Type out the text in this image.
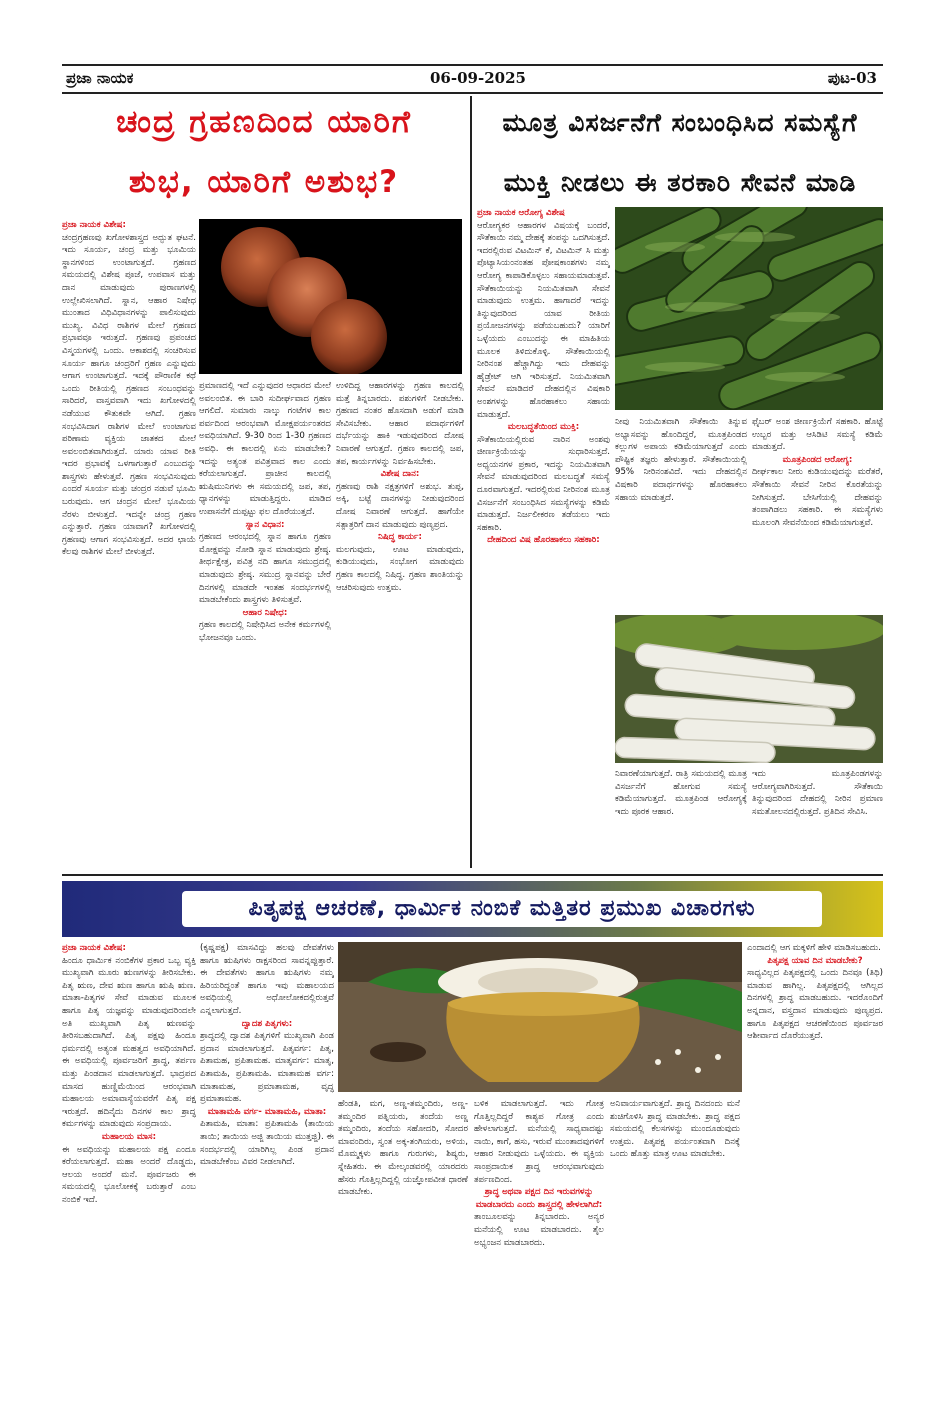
ಪ್ರಜಾ ನಾಯಕ	06-09-2025	ಪುಟ-03
ಚಂದ್ರ ಗ್ರಹಣದಿಂದ ಯಾರಿಗೆ
ಶುಭ, ಯಾರಿಗೆ ಅಶುಭ?
ಪ್ರಜಾ ನಾಯಕ ವಿಶೇಷ:

ಚಂದ್ರಗ್ರಹಣವು ಖಗೋಳಶಾಸ್ತ್ರದ ಅದ್ಭುತ ಘಟನೆ. ಇದು ಸೂರ್ಯ, ಚಂದ್ರ ಮತ್ತು ಭೂಮಿಯ ಸ್ಥಾನಗಳಿಂದ ಉಂಟಾಗುತ್ತದೆ. ಗ್ರಹಣದ ಸಮಯದಲ್ಲಿ ವಿಶೇಷ ಪೂಜೆ, ಉಪವಾಸ ಮತ್ತು ದಾನ ಮಾಡುವುದು ಪುರಾಣಗಳಲ್ಲಿ ಉಲ್ಲೇಖಿಸಲಾಗಿದೆ. ಸ್ನಾನ, ಆಹಾರ ನಿಷೇಧ ಮುಂತಾದ ವಿಧಿವಿಧಾನಗಳನ್ನು ಪಾಲಿಸುವುದು ಮುಖ್ಯ. ವಿವಿಧ ರಾಶಿಗಳ ಮೇಲೆ ಗ್ರಹಣದ ಪ್ರಭಾವವೂ ಇರುತ್ತದೆ. ಗ್ರಹಣವು ಪ್ರಪಂಚದ ವಿಸ್ಮಯಗಳಲ್ಲಿ ಒಂದು. ಆಕಾಶದಲ್ಲಿ ಸಂಚರಿಸುವ ಸೂರ್ಯ ಹಾಗೂ ಚಂದ್ರರಿಗೆ ಗ್ರಹಣ ಎನ್ನುವುದು ಆಗಾಗ ಉಂಟಾಗುತ್ತದೆ. ಇದಕ್ಕೆ ಪೌರಾಣಿಕ ಕಥೆ ಒಂದು ರೀತಿಯಲ್ಲಿ ಗ್ರಹಣದ ಸಂಬಂಧವನ್ನು ಸಾರಿದರೆ, ವಾಸ್ತವವಾಗಿ ಇದು ಖಗೋಳದಲ್ಲಿ ನಡೆಯುವ ಕೌತುಕವೇ ಆಗಿದೆ. ಗ್ರಹಣ ಸಂಭವಿಸಿದಾಗ ರಾಶಿಗಳ ಮೇಲೆ ಉಂಟಾಗುವ ಪರಿಣಾಮ ವ್ಯಕ್ತಿಯ ಜಾತಕದ ಮೇಲೆ ಅವಲಂಬಿತವಾಗಿರುತ್ತದೆ. ಯಾರು ಯಾವ ರೀತಿ ಇದರ ಪ್ರಭಾವಕ್ಕೆ ಒಳಗಾಗುತ್ತಾರೆ ಎಂಬುದನ್ನು ಶಾಸ್ತ್ರಗಳು ಹೇಳುತ್ತವೆ. ಗ್ರಹಣ ಸಂಭವಿಸುವುದು ಎಂದರೆ ಸೂರ್ಯ ಮತ್ತು ಚಂದ್ರರ ನಡುವೆ ಭೂಮಿ ಬರುವುದು. ಆಗ ಚಂದ್ರನ ಮೇಲೆ ಭೂಮಿಯ ನೆರಳು ಬೀಳುತ್ತದೆ. ಇದನ್ನೇ ಚಂದ್ರ ಗ್ರಹಣ ಎನ್ನುತ್ತಾರೆ. ಗ್ರಹಣ ಯಾವಾಗ? ಖಗೋಳದಲ್ಲಿ ಗ್ರಹಣವು ಆಗಾಗ ಸಂಭವಿಸುತ್ತದೆ. ಅದರ ಛಾಯೆ ಕೆಲವು ರಾಶಿಗಳ ಮೇಲೆ ಬೀಳುತ್ತದೆ.

ಪ್ರಮಾಣದಲ್ಲಿ ಇದೆ ಎನ್ನುವುದರ ಆಧಾರದ ಮೇಲೆ ಅವಲಂಬಿತ. ಈ ಬಾರಿ ಸುದೀರ್ಘವಾದ ಗ್ರಹಣ ಆಗಲಿದೆ. ಸುಮಾರು ನಾಲ್ಕು ಗಂಟೆಗಳ ಕಾಲ ಪರ್ವದಿಂದ ಆರಂಭವಾಗಿ ಮೋಕ್ಷಪರ್ಯಂತರದ ಅವಧಿಯಾಗಿದೆ. 9-30 ರಿಂದ 1-30 ಗ್ರಹಣದ ಅವಧಿ. ಈ ಕಾಲದಲ್ಲಿ ಏನು ಮಾಡಬೇಕು? ಇದನ್ನು ಅತ್ಯಂತ ಪವಿತ್ರವಾದ ಕಾಲ ಎಂದು ಕರೆಯಲಾಗುತ್ತದೆ. ಪ್ರಾಚೀನ ಕಾಲದಲ್ಲಿ ಋಷಿಮುನಿಗಳು ಈ ಸಮಯದಲ್ಲಿ ಜಪ, ತಪ, ಧ್ಯಾನಗಳನ್ನು ಮಾಡುತ್ತಿದ್ದರು. ಮಾಡಿದ ಉಪಾಸನೆಗೆ ದುಪ್ಪಟ್ಟು ಫಲ ದೊರೆಯುತ್ತದೆ.

ಸ್ನಾನ ವಿಧಾನ:

ಗ್ರಹಣದ ಆರಂಭದಲ್ಲಿ ಸ್ನಾನ ಹಾಗೂ ಗ್ರಹಣ ಮೋಕ್ಷವನ್ನು ನೋಡಿ ಸ್ನಾನ ಮಾಡುವುದು ಶ್ರೇಷ್ಠ. ತೀರ್ಥಕ್ಷೇತ್ರ, ಪವಿತ್ರ ನದಿ ಹಾಗೂ ಸಮುದ್ರದಲ್ಲಿ ಮಾಡುವುದು ಶ್ರೇಷ್ಠ. ಸಮುದ್ರ ಸ್ನಾನವನ್ನು ಬೇರೆ ದಿನಗಳಲ್ಲಿ ಮಾಡದೇ ಇಂತಹ ಸಂದರ್ಭಗಳಲ್ಲಿ ಮಾಡಬೇಕೆಂದು ಶಾಸ್ತ್ರಗಳು ತಿಳಿಸುತ್ತವೆ.

ಆಹಾರ ನಿಷೇಧ:

ಗ್ರಹಣ ಕಾಲದಲ್ಲಿ ನಿಷೇಧಿಸಿದ ಅನೇಕ ಕರ್ಮಗಳಲ್ಲಿ ಭೋಜನವೂ ಒಂದು.

ಉಳಿದಿದ್ದ ಆಹಾರಗಳನ್ನು ಗ್ರಹಣ ಕಾಲದಲ್ಲಿ ಮತ್ತೆ ತಿನ್ನಬಾರದು. ಪಶುಗಳಿಗೆ ನೀಡಬೇಕು. ಗ್ರಹಣದ ನಂತರ ಹೊಸದಾಗಿ ಅಡುಗೆ ಮಾಡಿ ಸೇವಿಸಬೇಕು. ಆಹಾರ ಪದಾರ್ಥಗಳಿಗೆ ದರ್ಭೆಯನ್ನು ಹಾಕಿ ಇಡುವುದರಿಂದ ದೋಷ ನಿವಾರಣೆ ಆಗುತ್ತದೆ. ಗ್ರಹಣ ಕಾಲದಲ್ಲಿ ಜಪ, ತಪ, ಕಾರ್ಯಗಳನ್ನು ನಿರ್ವಹಿಸಬೇಕು.

ವಿಶೇಷ ದಾನ:

ಗ್ರಹಣವು ರಾಶಿ ನಕ್ಷತ್ರಗಳಿಗೆ ಅಶುಭ. ತುಪ್ಪ, ಅಕ್ಕಿ, ಬಟ್ಟೆ ದಾನಗಳನ್ನು ನೀಡುವುದರಿಂದ ದೋಷ ನಿವಾರಣೆ ಆಗುತ್ತದೆ. ಹಾಗೆಯೇ ಸತ್ಪಾತ್ರರಿಗೆ ದಾನ ಮಾಡುವುದು ಪುಣ್ಯಪ್ರದ.

ನಿಷಿದ್ಧ ಕಾರ್ಯ:

ಮಲಗುವುದು, ಊಟ ಮಾಡುವುದು, ಕುಡಿಯುವುದು, ಸಂಭೋಗ ಮಾಡುವುದು ಗ್ರಹಣ ಕಾಲದಲ್ಲಿ ನಿಷಿದ್ಧ. ಗ್ರಹಣ ಶಾಂತಿಯನ್ನು ಆಚರಿಸುವುದು ಉತ್ತಮ.

ಮೂತ್ರ ವಿಸರ್ಜನೆಗೆ ಸಂಬಂಧಿಸಿದ ಸಮಸ್ಯೆಗೆ
ಮುಕ್ತಿ ನೀಡಲು ಈ ತರಕಾರಿ ಸೇವನೆ ಮಾಡಿ
ಪ್ರಜಾ ನಾಯಕ ಆರೋಗ್ಯ ವಿಶೇಷ

ಆರೋಗ್ಯಕರ ಆಹಾರಗಳ ವಿಷಯಕ್ಕೆ ಬಂದರೆ, ಸೌತೆಕಾಯಿ ನಮ್ಮ ದೇಹಕ್ಕೆ ತಂಪನ್ನು ಒದಗಿಸುತ್ತದೆ. ಇದರಲ್ಲಿರುವ ವಿಟಮಿನ್ ಕೆ, ವಿಟಮಿನ್ ಸಿ ಮತ್ತು ಪೊಟ್ಯಾಸಿಯಂನಂತಹ ಪೋಷಕಾಂಶಗಳು ನಮ್ಮ ಆರೋಗ್ಯ ಕಾಪಾಡಿಕೊಳ್ಳಲು ಸಹಾಯಮಾಡುತ್ತವೆ. ಸೌತೆಕಾಯಿಯನ್ನು ನಿಯಮಿತವಾಗಿ ಸೇವನೆ ಮಾಡುವುದು ಉತ್ತಮ. ಹಾಗಾದರೆ ಇದನ್ನು ತಿನ್ನುವುದರಿಂದ ಯಾವ ರೀತಿಯ ಪ್ರಯೋಜನಗಳನ್ನು ಪಡೆಯಬಹುದು? ಯಾರಿಗೆ ಒಳ್ಳೆಯದು ಎಂಬುದನ್ನು ಈ ಮಾಹಿತಿಯ ಮೂಲಕ ತಿಳಿದುಕೊಳ್ಳಿ. ಸೌತೆಕಾಯಿಯಲ್ಲಿ ನೀರಿನಂಶ ಹೆಚ್ಚಾಗಿದ್ದು ಇದು ದೇಹವನ್ನು ಹೈಡ್ರೇಟ್ ಆಗಿ ಇರಿಸುತ್ತದೆ. ನಿಯಮಿತವಾಗಿ ಸೇವನೆ ಮಾಡಿದರೆ ದೇಹದಲ್ಲಿನ ವಿಷಕಾರಿ ಅಂಶಗಳನ್ನು ಹೊರಹಾಕಲು ಸಹಾಯ ಮಾಡುತ್ತದೆ.

ಮಲಬದ್ಧತೆಯಿಂದ ಮುಕ್ತಿ:

ಸೌತೆಕಾಯಿಯಲ್ಲಿರುವ ನಾರಿನ ಅಂಶವು ಜೀರ್ಣಕ್ರಿಯೆಯನ್ನು ಸುಧಾರಿಸುತ್ತದೆ. ಅಧ್ಯಯನಗಳ ಪ್ರಕಾರ, ಇದನ್ನು ನಿಯಮಿತವಾಗಿ ಸೇವನೆ ಮಾಡುವುದರಿಂದ ಮಲಬದ್ಧತೆ ಸಮಸ್ಯೆ ದೂರವಾಗುತ್ತದೆ. ಇದರಲ್ಲಿರುವ ನೀರಿನಂಶ ಮೂತ್ರ ವಿಸರ್ಜನೆಗೆ ಸಂಬಂಧಿಸಿದ ಸಮಸ್ಯೆಗಳನ್ನು ಕಡಿಮೆ ಮಾಡುತ್ತದೆ. ನಿರ್ಜಲೀಕರಣ ತಡೆಯಲು ಇದು ಸಹಕಾರಿ.

ದೇಹದಿಂದ ವಿಷ ಹೊರಹಾಕಲು ಸಹಕಾರಿ:

ನೀವು ನಿಯಮಿತವಾಗಿ ಸೌತೆಕಾಯಿ ತಿನ್ನುವ ಅಭ್ಯಾಸವನ್ನು ಹೊಂದಿದ್ದರೆ, ಮೂತ್ರಪಿಂಡದ ಕಲ್ಲುಗಳ ಅಪಾಯ ಕಡಿಮೆಯಾಗುತ್ತದೆ ಎಂದು ಪೌಷ್ಟಿಕ ತಜ್ಞರು ಹೇಳುತ್ತಾರೆ. ಸೌತೆಕಾಯಿಯಲ್ಲಿ 95% ನೀರಿನಂಶವಿದೆ. ಇದು ದೇಹದಲ್ಲಿನ ವಿಷಕಾರಿ ಪದಾರ್ಥಗಳನ್ನು ಹೊರಹಾಕಲು ಸಹಾಯ ಮಾಡುತ್ತದೆ.

ಫೈಬರ್ ಅಂಶ ಜೀರ್ಣಕ್ರಿಯೆಗೆ ಸಹಕಾರಿ. ಹೊಟ್ಟೆ ಉಬ್ಬರ ಮತ್ತು ಆಸಿಡಿಟಿ ಸಮಸ್ಯೆ ಕಡಿಮೆ ಮಾಡುತ್ತದೆ.

ಮೂತ್ರಪಿಂಡದ ಆರೋಗ್ಯ:

ದೀರ್ಘಕಾಲ ನೀರು ಕುಡಿಯುವುದನ್ನು ಮರೆತರೆ, ಸೌತೆಕಾಯಿ ಸೇವನೆ ನೀರಿನ ಕೊರತೆಯನ್ನು ನೀಗಿಸುತ್ತದೆ. ಬೇಸಿಗೆಯಲ್ಲಿ ದೇಹವನ್ನು ತಂಪಾಗಿಡಲು ಸಹಕಾರಿ. ಈ ಸಮಸ್ಯೆಗಳು ಮೂಲಂಗಿ ಸೇವನೆಯಿಂದ ಕಡಿಮೆಯಾಗುತ್ತವೆ.

ನಿವಾರಣೆಯಾಗುತ್ತದೆ. ರಾತ್ರಿ ಸಮಯದಲ್ಲಿ ಮೂತ್ರ ವಿಸರ್ಜನೆಗೆ ಹೋಗುವ ಸಮಸ್ಯೆ ಕಡಿಮೆಯಾಗುತ್ತದೆ. ಮೂತ್ರಪಿಂಡ ಆರೋಗ್ಯಕ್ಕೆ ಇದು ಪೂರಕ ಆಹಾರ.

ಇದು ಮೂತ್ರಪಿಂಡಗಳನ್ನು ಆರೋಗ್ಯವಾಗಿರಿಸುತ್ತದೆ. ಸೌತೆಕಾಯಿ ತಿನ್ನುವುದರಿಂದ ದೇಹದಲ್ಲಿ ನೀರಿನ ಪ್ರಮಾಣ ಸಮತೋಲನದಲ್ಲಿರುತ್ತದೆ. ಪ್ರತಿದಿನ ಸೇವಿಸಿ.

ಪಿತೃಪಕ್ಷ ಆಚರಣೆ, ಧಾರ್ಮಿಕ ನಂಬಿಕೆ ಮತ್ತಿತರ ಪ್ರಮುಖ ವಿಚಾರಗಳು
ಪ್ರಜಾ ನಾಯಕ ವಿಶೇಷ:

ಹಿಂದೂ ಧಾರ್ಮಿಕ ನಂಬಿಕೆಗಳ ಪ್ರಕಾರ ಒಬ್ಬ ವ್ಯಕ್ತಿ ಮುಖ್ಯವಾಗಿ ಮೂರು ಋಣಗಳನ್ನು ತೀರಿಸಬೇಕು. ಪಿತೃ ಋಣ, ದೇವ ಋಣ ಹಾಗೂ ಋಷಿ ಋಣ. ಮಾತಾ-ಪಿತೃಗಳ ಸೇವೆ ಮಾಡುವ ಮೂಲಕ ಹಾಗೂ ಪಿತೃ ಯಜ್ಞವನ್ನು ಮಾಡುವುದರಿಂದಲೇ ಅತಿ ಮುಖ್ಯವಾಗಿ ಪಿತೃ ಋಣವನ್ನು ತೀರಿಸಬಹುದಾಗಿದೆ. ಪಿತೃ ಪಕ್ಷವು ಹಿಂದೂ ಧರ್ಮದಲ್ಲಿ ಅತ್ಯಂತ ಮಹತ್ವದ ಅವಧಿಯಾಗಿದೆ. ಈ ಅವಧಿಯಲ್ಲಿ ಪೂರ್ವಜರಿಗೆ ಶ್ರಾದ್ಧ, ತರ್ಪಣ ಮತ್ತು ಪಿಂಡದಾನ ಮಾಡಲಾಗುತ್ತದೆ. ಭಾದ್ರಪದ ಮಾಸದ ಹುಣ್ಣಿಮೆಯಿಂದ ಆರಂಭವಾಗಿ ಮಹಾಲಯ ಅಮಾವಾಸ್ಯೆಯವರೆಗೆ ಪಿತೃ ಪಕ್ಷ ಇರುತ್ತದೆ. ಹದಿನೈದು ದಿನಗಳ ಕಾಲ ಶ್ರಾದ್ಧ ಕರ್ಮಗಳನ್ನು ಮಾಡುವುದು ಸಂಪ್ರದಾಯ.

ಮಹಾಲಯ ಮಾಸ:

ಈ ಅವಧಿಯನ್ನು ಮಹಾಲಯ ಪಕ್ಷ ಎಂದೂ ಕರೆಯಲಾಗುತ್ತದೆ. ಮಹಾ ಅಂದರೆ ದೊಡ್ಡದು, ಆಲಯ ಅಂದರೆ ಮನೆ. ಪೂರ್ವಜರು ಈ ಸಮಯದಲ್ಲಿ ಭೂಲೋಕಕ್ಕೆ ಬರುತ್ತಾರೆ ಎಂಬ ನಂಬಿಕೆ ಇದೆ.

(ಕೃಷ್ಣಪಕ್ಷ) ಮಾಸವಿದ್ದು ಹಲವು ದೇವತೆಗಳು ಹಾಗೂ ಋಷಿಗಳು ರಾಕ್ಷಸರಿಂದ ಸಾವನ್ನಪ್ಪುತ್ತಾರೆ. ಈ ದೇವತೆಗಳು ಹಾಗೂ ಋಷಿಗಳು ನಮ್ಮ ಹಿರಿಯರಿದ್ದಂತೆ ಹಾಗೂ ಇವು ಮಹಾಲಯದ ಅವಧಿಯಲ್ಲಿ ಅಧೋಲೋಕದಲ್ಲಿರುತ್ತವೆ ಎನ್ನಲಾಗುತ್ತದೆ.

ದ್ವಾದಶ ಪಿತೃಗಳು:

ಶ್ರಾದ್ಧದಲ್ಲಿ ದ್ವಾದಶ ಪಿತೃಗಳಿಗೆ ಮುಖ್ಯವಾಗಿ ಪಿಂಡ ಪ್ರದಾನ ಮಾಡಲಾಗುತ್ತದೆ. ಪಿತೃವರ್ಗ: ಪಿತೃ, ಪಿತಾಮಹ, ಪ್ರಪಿತಾಮಹ. ಮಾತೃವರ್ಗ: ಮಾತೃ, ಪಿತಾಮಹಿ, ಪ್ರಪಿತಾಮಹಿ. ಮಾತಾಮಹ ವರ್ಗ: ಮಾತಾಮಹ, ಪ್ರಮಾತಾಮಹ, ವೃದ್ಧ ಪ್ರಮಾತಾಮಹ.

ಮಾತಾಮಹಿ ವರ್ಗ- ಮಾತಾಮಹಿ, ಮಾತಾ:

ಪಿತಾಮಹಿ, ಮಾತಾ: ಪ್ರಪಿತಾಮಹಿ (ತಾಯಿಯ ತಾಯಿ; ತಾಯಿಯ ಅಜ್ಜಿ ತಾಯಿಯ ಮುತ್ತಜ್ಜಿ). ಈ ಸಂದರ್ಭದಲ್ಲಿ ಯಾರಿಗಿಲ್ಲ ಪಿಂಡ ಪ್ರದಾನ ಮಾಡಬೇಕೆಂಬ ವಿವರ ನೀಡಲಾಗಿದೆ.

ಹೆಂಡತಿ, ಮಗ, ಅಣ್ಣ-ತಮ್ಮಂದಿರು, ಅಣ್ಣ-ತಮ್ಮಂದಿರ ಪತ್ನಿಯರು, ತಂದೆಯ ಅಣ್ಣ ತಮ್ಮಂದಿರು, ತಂದೆಯ ಸಹೋದರಿ, ಸೋದರ ಮಾವಂದಿರು, ಸ್ವಂತ ಅಕ್ಕ-ತಂಗಿಯರು, ಅಳಿಯ, ಮೊಮ್ಮಕ್ಕಳು ಹಾಗೂ ಗುರುಗಳು, ಶಿಷ್ಯರು, ಸ್ನೇಹಿತರು. ಈ ಮೇಲ್ಕಂಡವರಲ್ಲಿ ಯಾರದರು ಹೆಸರು ಗೊತ್ತಿಲ್ಲದಿದ್ದಲ್ಲಿ ಯಜ್ಞೋಪವೀತ ಧಾರಣೆ ಮಾಡಬೇಕು.

ಬಳಿಕ ಮಾಡಲಾಗುತ್ತದೆ. ಇದು ಗೋತ್ರ ಗೊತ್ತಿಲ್ಲದಿದ್ದರೆ ಕಾಶ್ಯಪ ಗೋತ್ರ ಎಂದು ಹೇಳಲಾಗುತ್ತದೆ. ಮನೆಯಲ್ಲಿ ಸಾಧ್ಯವಾದಷ್ಟು ನಾಯಿ, ಕಾಗೆ, ಹಸು, ಇರುವೆ ಮುಂತಾದವುಗಳಿಗೆ ಆಹಾರ ನೀಡುವುದು ಒಳ್ಳೆಯದು. ಈ ವ್ಯಕ್ತಿಯ ಸಾಂಪ್ರದಾಯಿಕ ಶ್ರಾದ್ಧ ಆರಂಭವಾಗುವುದು ತರ್ಪಣದಿಂದ.

ಶ್ರಾದ್ಧ ಅಥವಾ ಪಕ್ಷದ ದಿನ ಇರುವಗಳನ್ನು ಮಾಡಬಾರದು ಎಂದು ಶಾಸ್ತ್ರದಲ್ಲಿ ಹೇಳಲಾಗಿದೆ:

ತಾಂಬೂಲವನ್ನು ತಿನ್ನಬಾರದು. ಅನ್ಯರ ಮನೆಯಲ್ಲಿ ಊಟ ಮಾಡಬಾರದು. ತೈಲ ಅಭ್ಯಂಜನ ಮಾಡಬಾರದು.

ಅನಿವಾರ್ಯವಾಗುತ್ತದೆ. ಶ್ರಾದ್ಧ ದಿನದಂದು ಮನೆ ಶುಚಿಗೊಳಿಸಿ ಶ್ರಾದ್ಧ ಮಾಡಬೇಕು. ಶ್ರಾದ್ಧ ಪಕ್ಷದ ಸಮಯದಲ್ಲಿ ಕೆಲಸಗಳನ್ನು ಮುಂದೂಡುವುದು ಉತ್ತಮ. ಪಿತೃಪಕ್ಷ ಪರ್ಯಂತವಾಗಿ ದಿನಕ್ಕೆ ಒಂದು ಹೊತ್ತು ಮಾತ್ರ ಊಟ ಮಾಡಬೇಕು.

ಎಂದಾದಲ್ಲಿ ಆಗ ಮಕ್ಕಳಿಗೆ ಹೇಳಿ ಮಾಡಿಸಬಹುದು.

ಪಿತೃಪಕ್ಷ ಯಾವ ದಿನ ಮಾಡಬೇಕು?

ಸಾಧ್ಯವಿಲ್ಲದ ಪಿತೃಪಕ್ಷದಲ್ಲಿ ಒಂದು ದಿನವೂ (ತಿಥಿ) ಮಾಡುವ ಹಾಗಿಲ್ಲ. ಪಿತೃಪಕ್ಷದಲ್ಲಿ ಆಗಿಲ್ಲದ ದಿನಗಳಲ್ಲಿ ಶ್ರಾದ್ಧ ಮಾಡಬಹುದು. ಇದರೊಂದಿಗೆ ಅನ್ನದಾನ, ವಸ್ತ್ರದಾನ ಮಾಡುವುದು ಪುಣ್ಯಪ್ರದ. ಹಾಗೂ ಪಿತೃಪಕ್ಷದ ಆಚರಣೆಯಿಂದ ಪೂರ್ವಜರ ಆಶೀರ್ವಾದ ದೊರೆಯುತ್ತದೆ.
